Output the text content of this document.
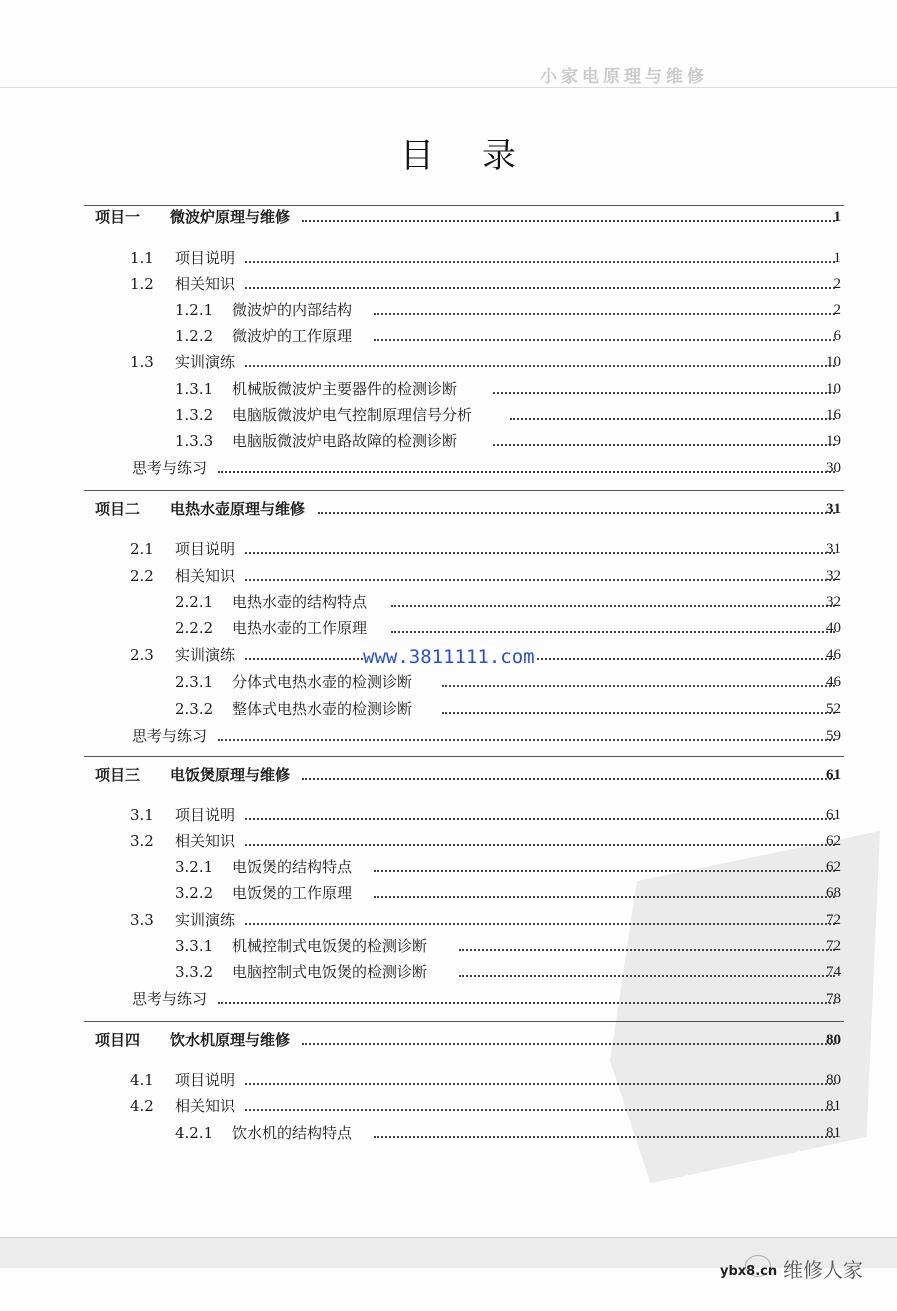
小家电原理与维修
目录
项目一 微波炉原理与维修	1
1.1 项目说明	1
1.2 相关知识	2
1.2.1 微波炉的内部结构	2
1.2.2 微波炉的工作原理	6
1.3 实训演练	10
1.3.1 机械版微波炉主要器件的检测诊断	10
1.3.2 电脑版微波炉电气控制原理信号分析	16
1.3.3 电脑版微波炉电路故障的检测诊断	19
思考与练习	30
项目二 电热水壶原理与维修	31
2.1 项目说明	31
2.2 相关知识	32
2.2.1 电热水壶的结构特点	32
2.2.2 电热水壶的工作原理	40
2.3 实训演练	46
2.3.1 分体式电热水壶的检测诊断	46
2.3.2 整体式电热水壶的检测诊断	52
思考与练习	59
项目三 电饭煲原理与维修	61
3.1 项目说明	61
3.2 相关知识	62
3.2.1 电饭煲的结构特点	62
3.2.2 电饭煲的工作原理	68
3.3 实训演练	72
3.3.1 机械控制式电饭煲的检测诊断	72
3.3.2 电脑控制式电饭煲的检测诊断	74
思考与练习	78
项目四 饮水机原理与维修	80
4.1 项目说明	80
4.2 相关知识	81
4.2.1 饮水机的结构特点	81
www.3811111.com
ybx8.cn 维修人家
